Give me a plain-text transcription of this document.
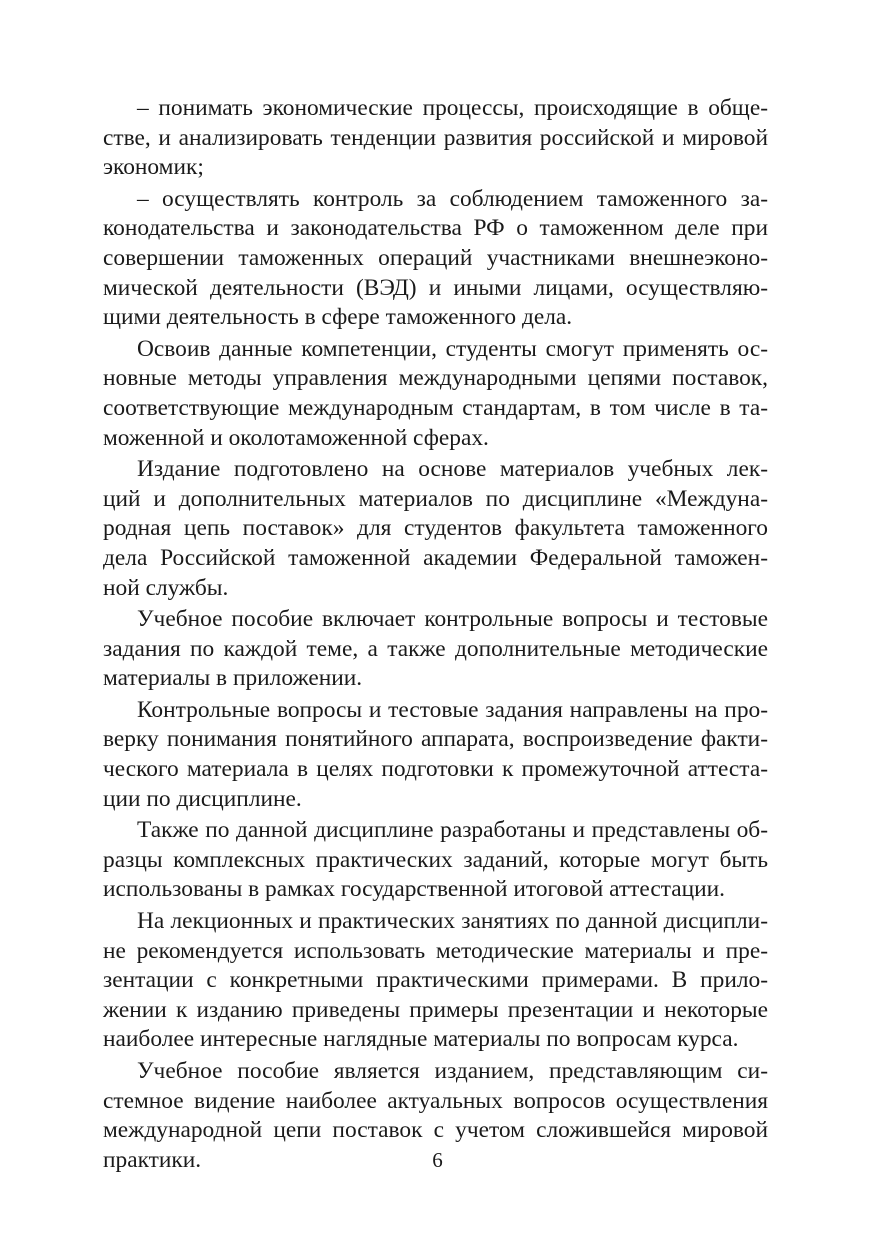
– понимать экономические процессы, происходящие в обще-
стве, и анализировать тенденции развития российской и мировой
экономик;
– осуществлять контроль за соблюдением таможенного за-
конодательства и законодательства РФ о таможенном деле при
совершении таможенных операций участниками внешнеэконо-
мической деятельности (ВЭД) и иными лицами, осуществляю-
щими деятельность в сфере таможенного дела.
Освоив данные компетенции, студенты смогут применять ос-
новные методы управления международными цепями поставок,
соответствующие международным стандартам, в том числе в та-
моженной и околотаможенной сферах.
Издание подготовлено на основе материалов учебных лек-
ций и дополнительных материалов по дисциплине «Междуна-
родная цепь поставок» для студентов факультета таможенного
дела Российской таможенной академии Федеральной таможен-
ной службы.
Учебное пособие включает контрольные вопросы и тестовые
задания по каждой теме, а также дополнительные методические
материалы в приложении.
Контрольные вопросы и тестовые задания направлены на про-
верку понимания понятийного аппарата, воспроизведение факти-
ческого материала в целях подготовки к промежуточной аттеста-
ции по дисциплине.
Также по данной дисциплине разработаны и представлены об-
разцы комплексных практических заданий, которые могут быть
использованы в рамках государственной итоговой аттестации.
На лекционных и практических занятиях по данной дисципли-
не рекомендуется использовать методические материалы и пре-
зентации с конкретными практическими примерами. В прило-
жении к изданию приведены примеры презентации и некоторые
наиболее интересные наглядные материалы по вопросам курса.
Учебное пособие является изданием, представляющим си-
стемное видение наиболее актуальных вопросов осуществления
международной цепи поставок с учетом сложившейся мировой
практики.	6
